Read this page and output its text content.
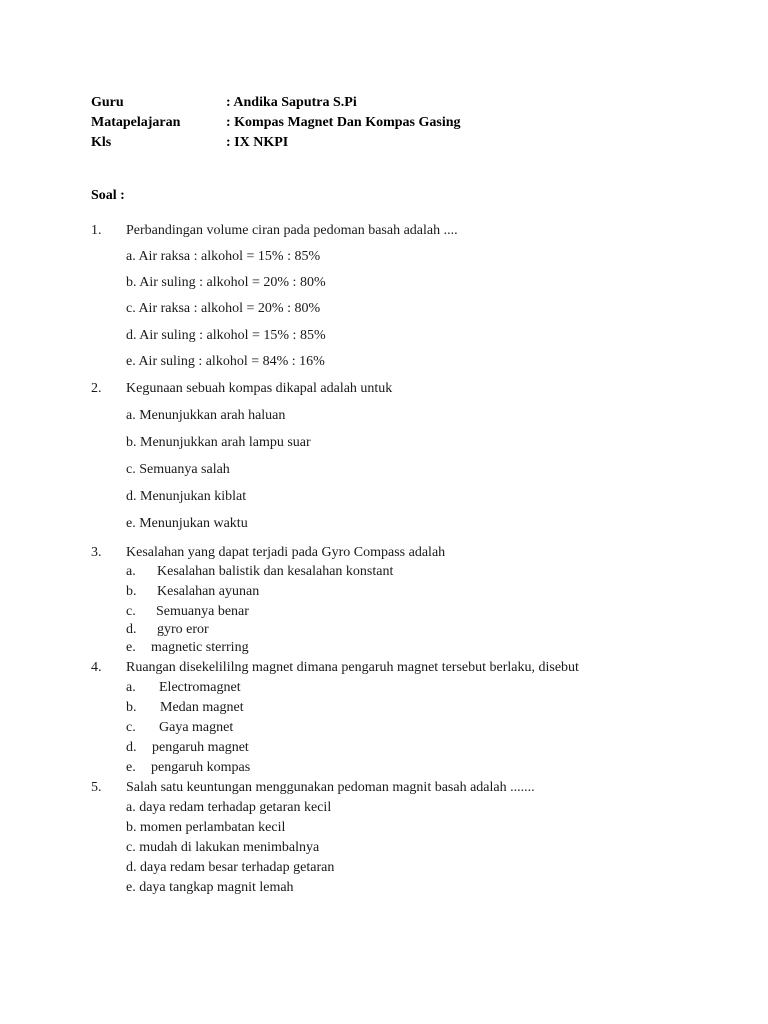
Guru	: Andika Saputra S.Pi
Matapelajaran	: Kompas Magnet Dan Kompas Gasing
Kls	: IX NKPI
Soal :
1. Perbandingan volume ciran pada pedoman basah adalah ....
a. Air raksa : alkohol = 15% : 85%
b. Air suling : alkohol = 20% : 80%
c. Air raksa : alkohol = 20% : 80%
d. Air suling : alkohol = 15% : 85%
e. Air suling : alkohol = 84% : 16%
2. Kegunaan sebuah kompas dikapal adalah untuk
a. Menunjukkan arah haluan
b. Menunjukkan arah lampu suar
c. Semuanya salah
d. Menunjukan kiblat
e. Menunjukan waktu
3. Kesalahan yang dapat terjadi pada Gyro Compass adalah
a. Kesalahan balistik dan kesalahan konstant
b. Kesalahan ayunan
c. Semuanya benar
d. gyro eror
e. magnetic sterring
4. Ruangan disekelililng magnet dimana pengaruh magnet tersebut berlaku, disebut
a. Electromagnet
b. Medan magnet
c. Gaya magnet
d. pengaruh magnet
e. pengaruh kompas
5. Salah satu keuntungan menggunakan pedoman magnit basah adalah .......
a. daya redam terhadap getaran kecil
b. momen perlambatan kecil
c. mudah di lakukan menimbalnya
d. daya redam besar terhadap getaran
e. daya tangkap magnit lemah
